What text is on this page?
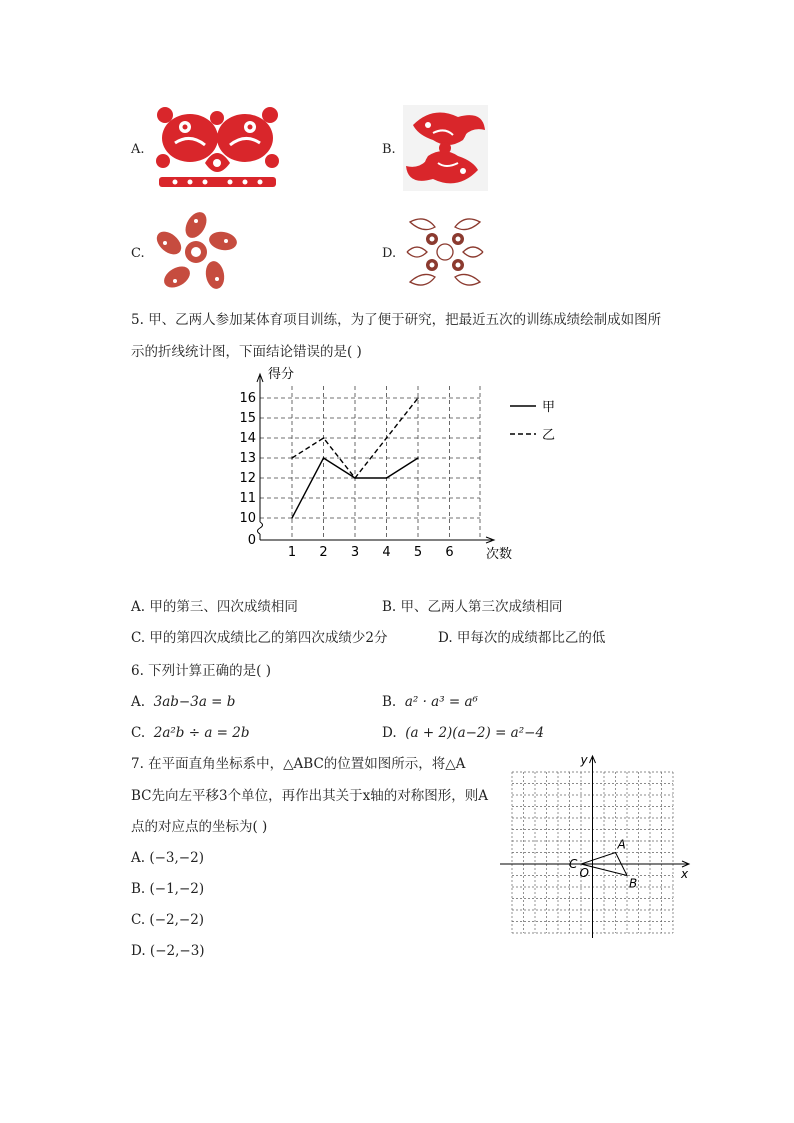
A.	B.
C.	D.
5. 甲、乙两人参加某体育项目训练，为了便于研究，把最近五次的训练成绩绘制成如图所
示的折线统计图，下面结论错误的是( )
0
10
11
12
13
14
15
16
1 2 3 4 5 6
得分
次数
甲
乙
A. 甲的第三、四次成绩相同	B. 甲、乙两人第三次成绩相同
C. 甲的第四次成绩比乙的第四次成绩少2分	D. 甲每次的成绩都比乙的低
6. 下列计算正确的是( )
A. 3ab−3a = b	B. a² · a³ = a⁶
C. 2a²b ÷ a = 2b	D. (a + 2)(a−2) = a²−4
7. 在平面直角坐标系中，△ABC的位置如图所示，将△A
BC先向左平移3个单位，再作出其关于x轴的对称图形，则A
点的对应点的坐标为( )
A. (−3,−2)
B. (−1,−2)
C. (−2,−2)
D. (−2,−3)
x
y
O
A
B
C
